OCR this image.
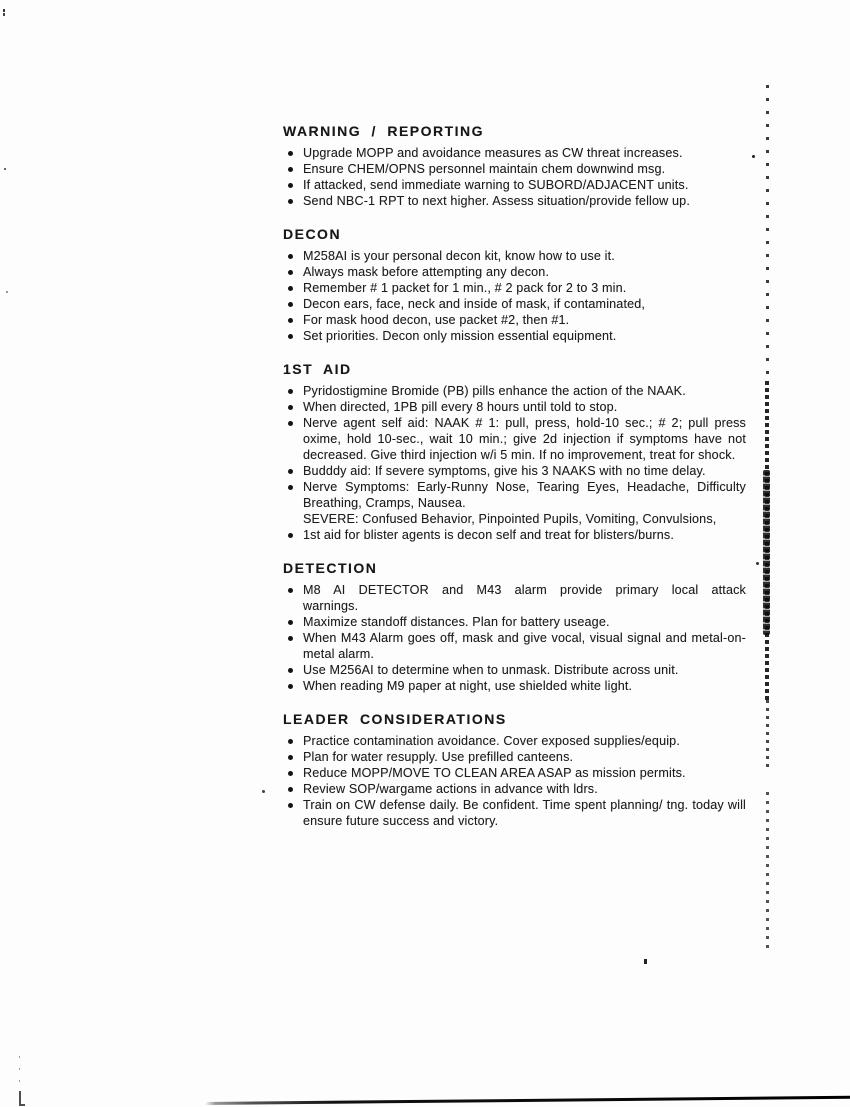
WARNING / REPORTING

Upgrade MOPP and avoidance measures as CW threat increases.

Ensure CHEM/OPNS personnel maintain chem downwind msg.

If attacked, send immediate warning to SUBORD/ADJACENT units.

Send NBC-1 RPT to next higher. Assess situation/provide fellow up.

DECON

M258AI is your personal decon kit, know how to use it.

Always mask before attempting any decon.

Remember # 1 packet for 1 min., # 2 pack for 2 to 3 min.

Decon ears, face, neck and inside of mask, if contaminated,

For mask hood decon, use packet #2, then #1.

Set priorities. Decon only mission essential equipment.

1ST AID

Pyridostigmine Bromide (PB) pills enhance the action of the NAAK.

When directed, 1PB pill every 8 hours until told to stop.

Nerve agent self aid: NAAK # 1: pull, press, hold-10 sec.; # 2; pull press oxime, hold 10-sec., wait 10 min.; give 2d injection if symptoms have not decreased. Give third injection w/i 5 min. If no improvement, treat for shock.

Budddy aid: If severe symptoms, give his 3 NAAKS with no time delay.

Nerve Symptoms: Early-Runny Nose, Tearing Eyes, Headache, Difficulty Breathing, Cramps, Nausea.

SEVERE: Confused Behavior, Pinpointed Pupils, Vomiting, Convulsions,

1st aid for blister agents is decon self and treat for blisters/burns.

DETECTION

M8 AI DETECTOR and M43 alarm provide primary local attack

warnings.

Maximize standoff distances. Plan for battery useage.

When M43 Alarm goes off, mask and give vocal, visual signal and metal-on-metal alarm.

Use M256AI to determine when to unmask. Distribute across unit.

When reading M9 paper at night, use shielded white light.

LEADER CONSIDERATIONS

Practice contamination avoidance. Cover exposed supplies/equip.

Plan for water resupply. Use prefilled canteens.

Reduce MOPP/MOVE TO CLEAN AREA ASAP as mission permits.

Review SOP/wargame actions in advance with ldrs.

Train on CW defense daily. Be confident. Time spent planning/ tng. today will ensure future success and victory.
